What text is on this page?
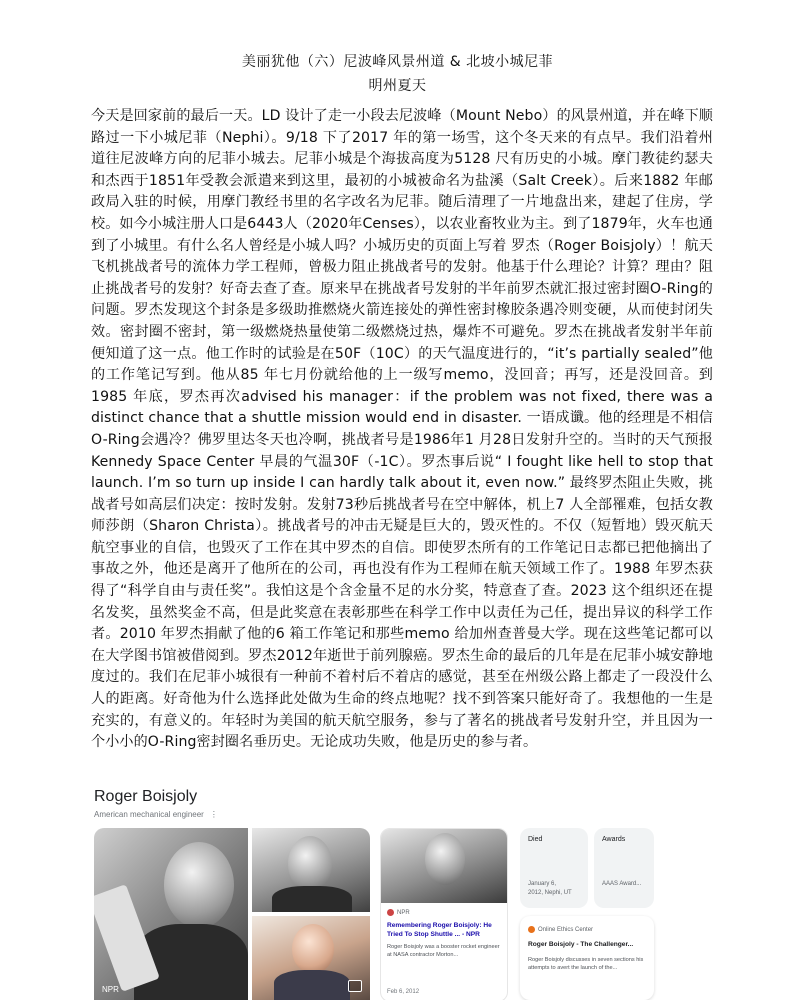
美丽犹他（六）尼波峰风景州道 & 北坡小城尼菲
明州夏天
今天是回家前的最后一天。LD 设计了走一小段去尼波峰（Mount Nebo）的风景州道，并在峰下顺路过一下小城尼菲（Nephi）。9/18 下了2017 年的第一场雪，这个冬天来的有点早。我们沿着州道往尼波峰方向的尼菲小城去。尼菲小城是个海拔高度为5128 尺有历史的小城。摩门教徒约瑟夫和杰西于1851年受教会派遣来到这里，最初的小城被命名为盐溪（Salt Creek）。后来1882 年邮政局入驻的时候，用摩门教经书里的名字改名为尼菲。随后清理了一片地盘出来，建起了住房，学校。如今小城注册人口是6443人（2020年Censes），以农业畜牧业为主。到了1879年，火车也通到了小城里。有什么名人曾经是小城人吗？小城历史的页面上写着 罗杰（Roger Boisjoly）！航天飞机挑战者号的流体力学工程师，曾极力阻止挑战者号的发射。他基于什么理论？计算？理由？阻止挑战者号的发射？好奇去查了查。原来早在挑战者号发射的半年前罗杰就汇报过密封圈O-Ring的问题。罗杰发现这个封条是多级助推燃烧火箭连接处的弹性密封橡胶条遇冷则变硬，从而使封闭失效。密封圈不密封，第一级燃烧热量使第二级燃烧过热，爆炸不可避免。罗杰在挑战者发射半年前便知道了这一点。他工作时的试验是在50F（10C）的天气温度进行的，“it’s partially sealed”他的工作笔记写到。他从85 年七月份就给他的上一级写memo，没回音；再写，还是没回音。到1985 年底，罗杰再次advised his manager：if the problem was not fixed, there was a distinct chance that a shuttle mission would end in disaster. 一语成谶。他的经理是不相信O-Ring会遇冷？佛罗里达冬天也冷啊，挑战者号是1986年1 月28日发射升空的。当时的天气预报Kennedy Space Center 早晨的气温30F（-1C）。罗杰事后说“ I fought like hell to stop that launch. I’m so turn up inside I can hardly talk about it, even now.” 最终罗杰阻止失败，挑战者号如高层们决定：按时发射。发射73秒后挑战者号在空中解体，机上7 人全部罹难，包括女教师莎朗（Sharon Christa）。挑战者号的冲击无疑是巨大的，毁灭性的。不仅（短暂地）毁灭航天航空事业的自信，也毁灭了工作在其中罗杰的自信。即使罗杰所有的工作笔记日志都已把他摘出了事故之外，他还是离开了他所在的公司，再也没有作为工程师在航天领域工作了。1988 年罗杰获得了“科学自由与责任奖”。我怕这是个含金量不足的水分奖，特意查了查。2023 这个组织还在提名发奖，虽然奖金不高，但是此奖意在表彰那些在科学工作中以责任为己任，提出异议的科学工作者。2010 年罗杰捐献了他的6 箱工作笔记和那些memo 给加州查普曼大学。现在这些笔记都可以在大学图书馆被借阅到。罗杰2012年逝世于前列腺癌。罗杰生命的最后的几年是在尼菲小城安静地度过的。我们在尼菲小城很有一种前不着村后不着店的感觉，甚至在州级公路上都走了一段没什么人的距离。好奇他为什么选择此处做为生命的终点地呢？找不到答案只能好奇了。我想他的一生是充实的，有意义的。年轻时为美国的航天航空服务，参与了著名的挑战者号发射升空，并且因为一个小小的O-Ring密封圈名垂历史。无论成功失败，他是历史的参与者。
Roger Boisjoly
American mechanical engineer ⋮
NPR
NPR
Remembering Roger Boisjoly: He Tried To Stop Shuttle ... - NPR
Roger Boisjoly was a booster rocket engineer at NASA contractor Morton...
Feb 6, 2012
Died
January 6,
2012, Nephi, UT
Awards
AAAS Award...
Online Ethics Center
Roger Boisjoly - The Challenger...
Roger Boisjoly discusses in seven sections his attempts to avert the launch of the...
